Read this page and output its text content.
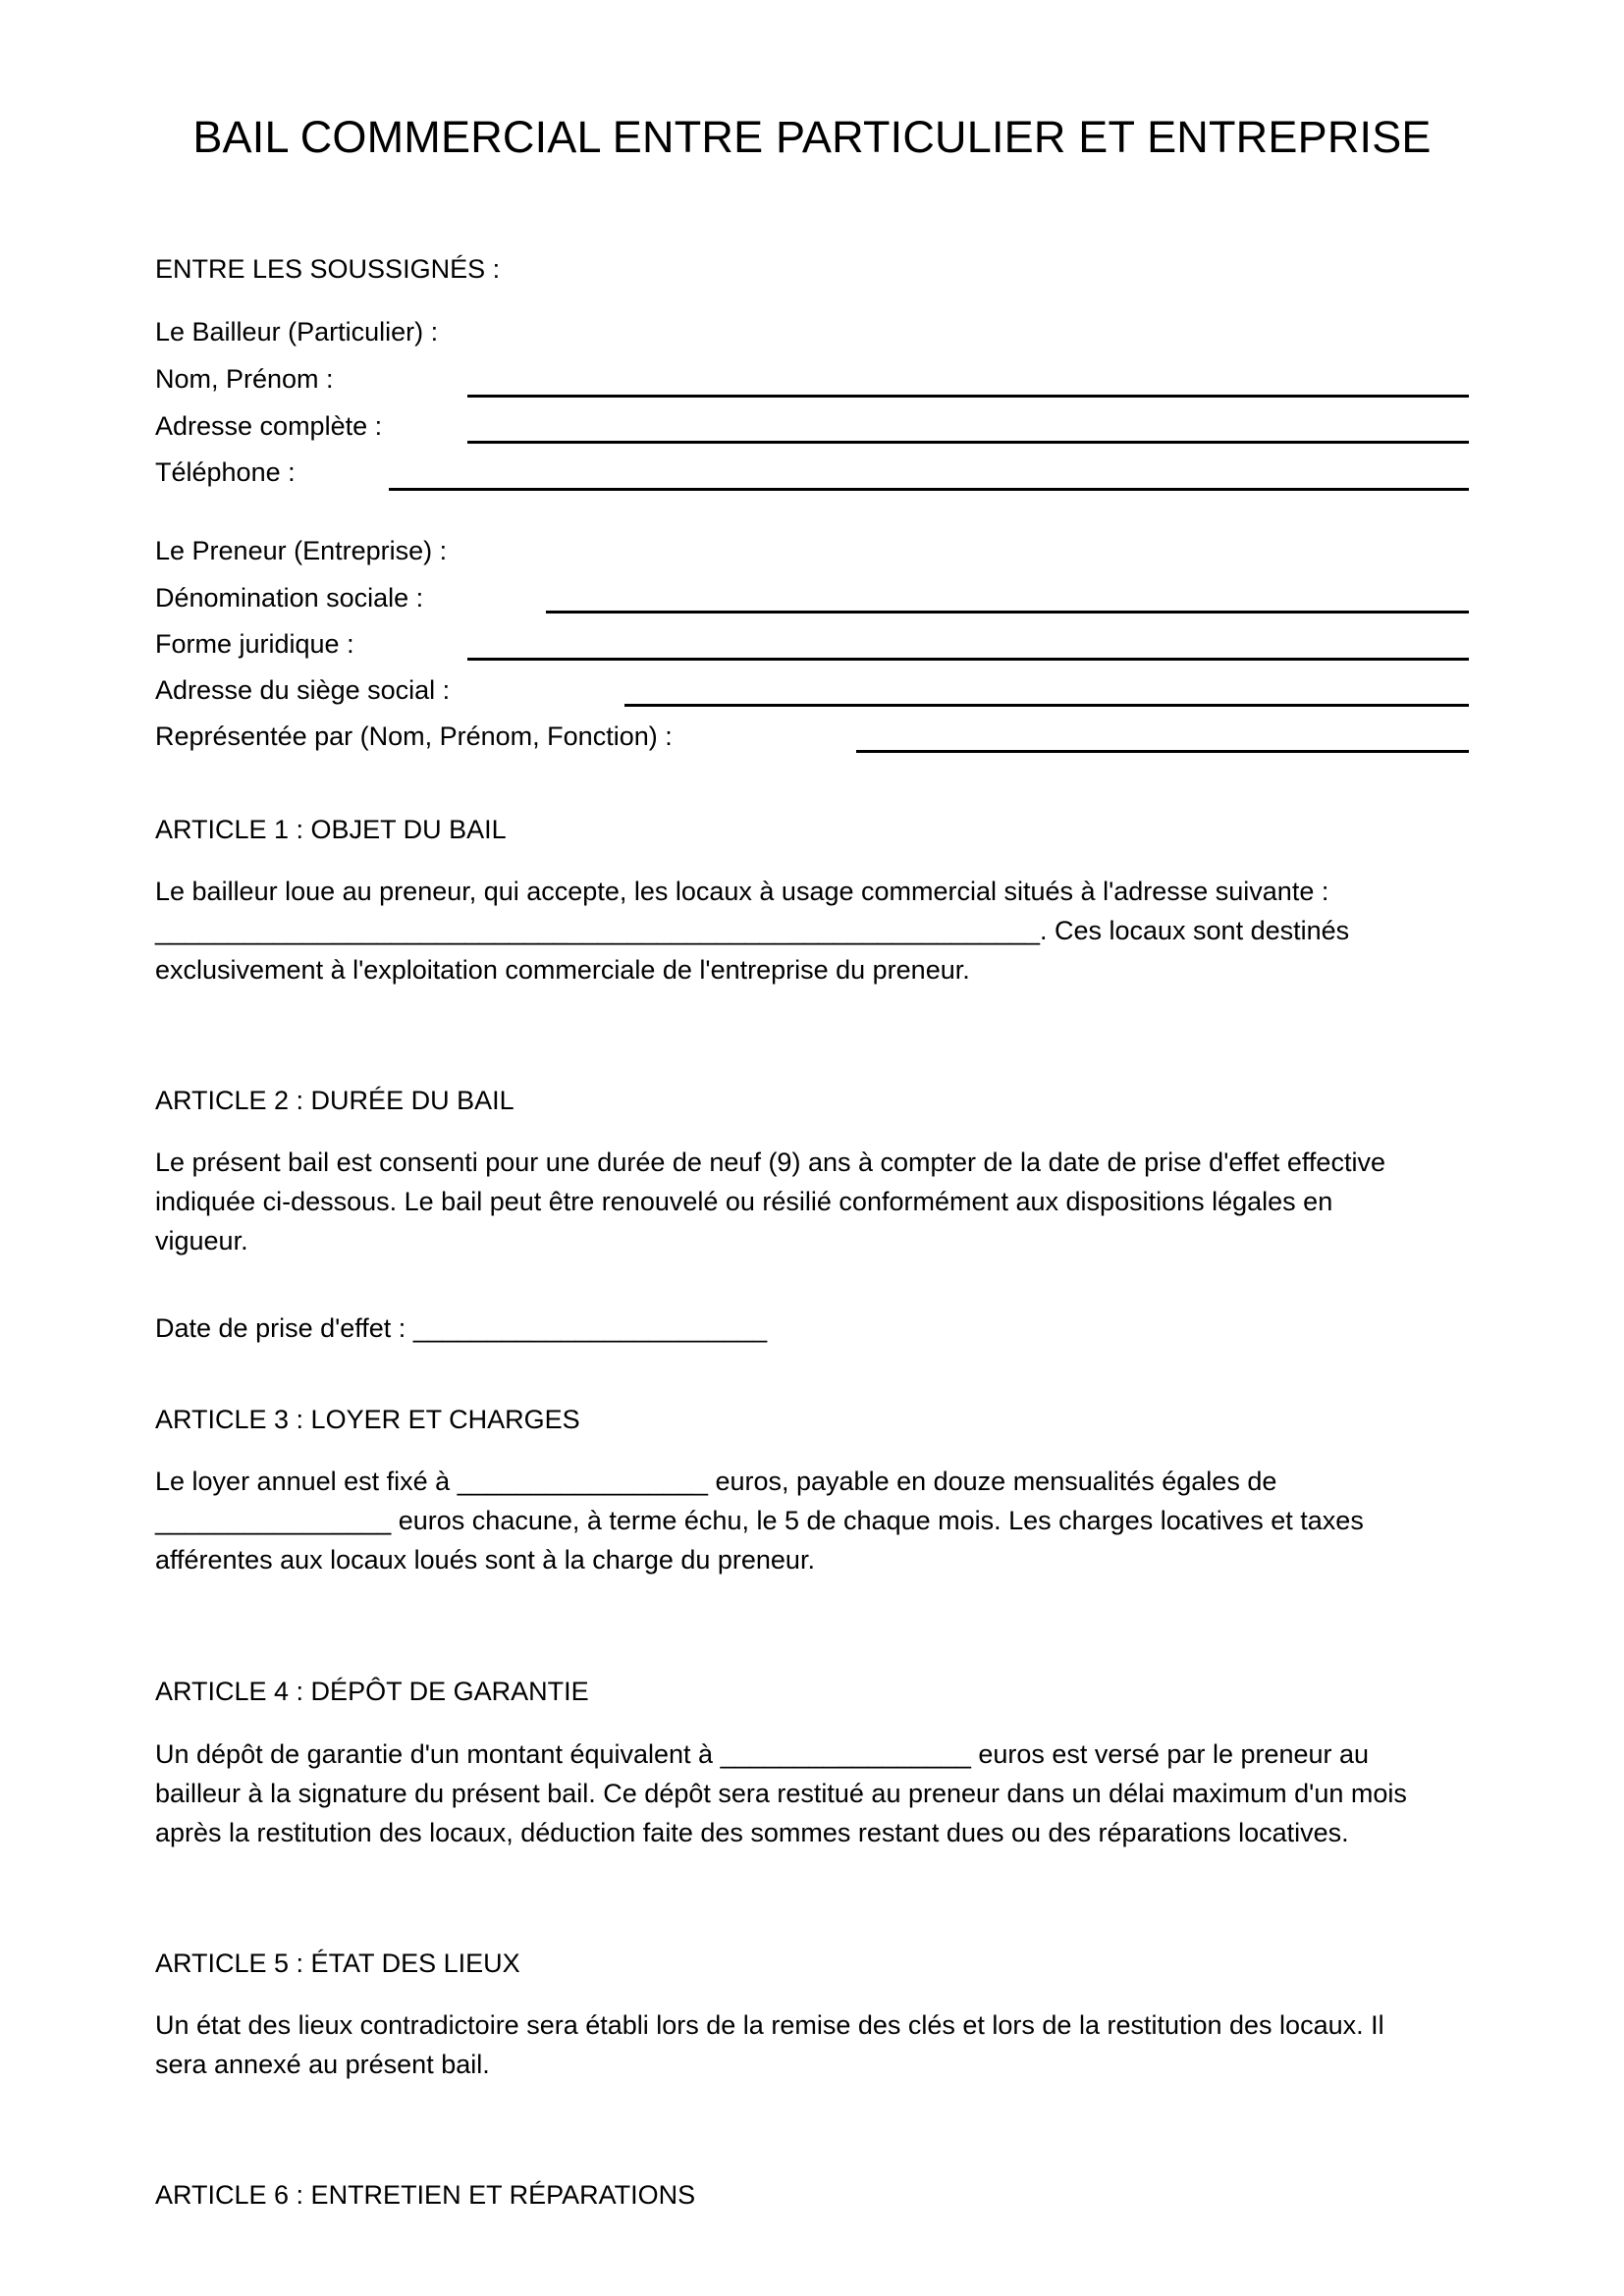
BAIL COMMERCIAL ENTRE PARTICULIER ET ENTREPRISE

ENTRE LES SOUSSIGNÉS :

Le Bailleur (Particulier) :

Nom, Prénom :

Adresse complète :

Téléphone :

Le Preneur (Entreprise) :

Dénomination sociale :

Forme juridique :

Adresse du siège social :

Représentée par (Nom, Prénom, Fonction) :

ARTICLE 1 : OBJET DU BAIL
Le bailleur loue au preneur, qui accepte, les locaux à usage commercial situés à l'adresse suivante :
____________________________________________________________. Ces locaux sont destinés
exclusivement à l'exploitation commerciale de l'entreprise du preneur.
ARTICLE 2 : DURÉE DU BAIL
Le présent bail est consenti pour une durée de neuf (9) ans à compter de la date de prise d'effet effective
indiquée ci-dessous. Le bail peut être renouvelé ou résilié conformément aux dispositions légales en
vigueur.

Date de prise d'effet : ________________________

ARTICLE 3 : LOYER ET CHARGES
Le loyer annuel est fixé à _________________ euros, payable en douze mensualités égales de
________________ euros chacune, à terme échu, le 5 de chaque mois. Les charges locatives et taxes
afférentes aux locaux loués sont à la charge du preneur.
ARTICLE 4 : DÉPÔT DE GARANTIE
Un dépôt de garantie d'un montant équivalent à _________________ euros est versé par le preneur au
bailleur à la signature du présent bail. Ce dépôt sera restitué au preneur dans un délai maximum d'un mois
après la restitution des locaux, déduction faite des sommes restant dues ou des réparations locatives.
ARTICLE 5 : ÉTAT DES LIEUX
Un état des lieux contradictoire sera établi lors de la remise des clés et lors de la restitution des locaux. Il
sera annexé au présent bail.
ARTICLE 6 : ENTRETIEN ET RÉPARATIONS
